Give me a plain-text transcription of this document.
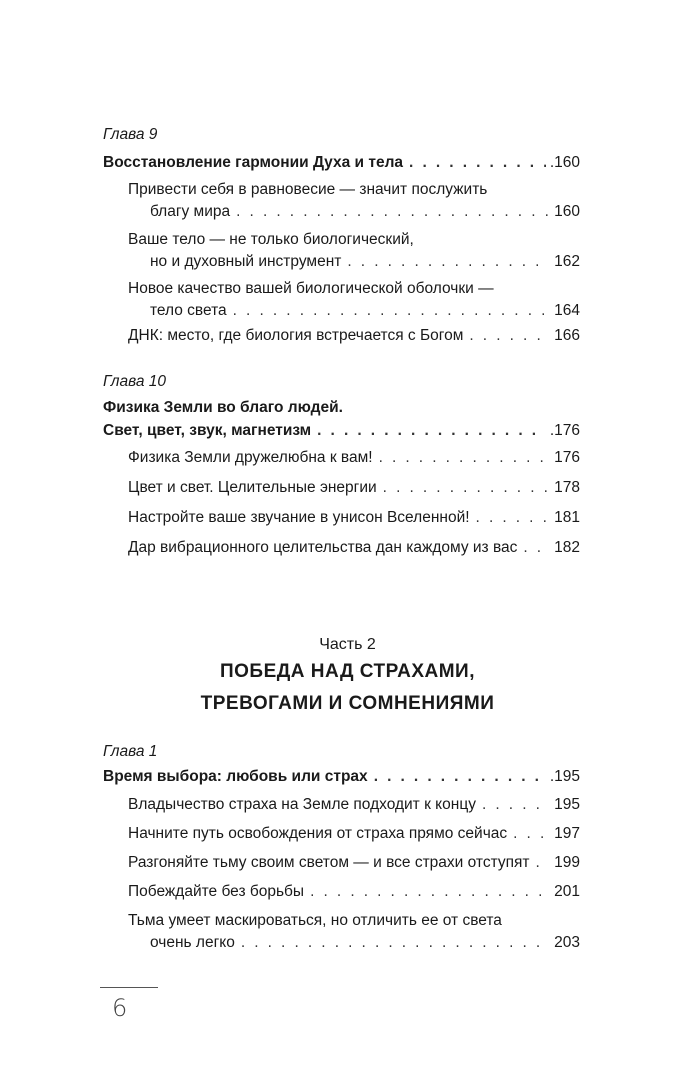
Глава 9
Восстановление гармонии Духа и тела . . .	.160
Привести себя в равновесие — значит послужить
благу мира . . .	160
Ваше тело — не только биологический,
но и духовный инструмент . . .	162
Новое качество вашей биологической оболочки —
тело света . . .	164
ДНК: место, где биология встречается с Богом . . .	166
Глава 10
Физика Земли во благо людей.
Свет, цвет, звук, магнетизм . . .	.176
Физика Земли дружелюбна к вам! . . .	176
Цвет и свет. Целительные энергии . . .	178
Настройте ваше звучание в унисон Вселенной! . . .	181
Дар вибрационного целительства дан каждому из вас . . . 182
Часть 2
ПОБЕДА НАД СТРАХАМИ,
ТРЕВОГАМИ И СОМНЕНИЯМИ
Глава 1
Время выбора: любовь или страх . . .	.195
Владычество страха на Земле подходит к концу . . .	195
Начните путь освобождения от страха прямо сейчас . . .	197
Разгоняйте тьму своим светом — и все страхи отступят . . . 199
Побеждайте без борьбы . . .	201
Тьма умеет маскироваться, но отличить ее от света
очень легко . . .	203
6
